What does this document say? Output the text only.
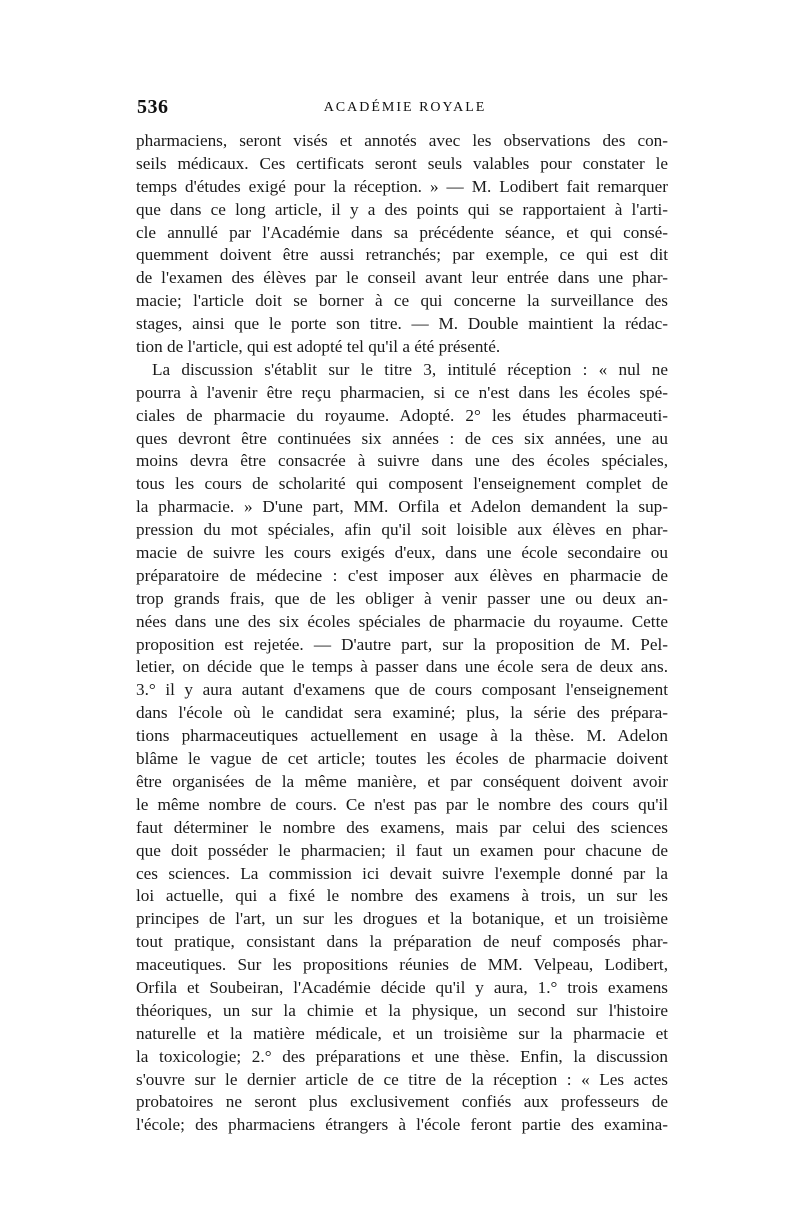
536	ACADÉMIE ROYALE
pharmaciens, seront visés et annotés avec les observations des con-
seils médicaux. Ces certificats seront seuls valables pour constater le
temps d'études exigé pour la réception. » — M. Lodibert fait remarquer
que dans ce long article, il y a des points qui se rapportaient à l'arti-
cle annullé par l'Académie dans sa précédente séance, et qui consé-
quemment doivent être aussi retranchés; par exemple, ce qui est dit
de l'examen des élèves par le conseil avant leur entrée dans une phar-
macie; l'article doit se borner à ce qui concerne la surveillance des
stages, ainsi que le porte son titre. — M. Double maintient la rédac-
tion de l'article, qui est adopté tel qu'il a été présenté.
La discussion s'établit sur le titre 3, intitulé réception : « nul ne
pourra à l'avenir être reçu pharmacien, si ce n'est dans les écoles spé-
ciales de pharmacie du royaume. Adopté. 2° les études pharmaceuti-
ques devront être continuées six années : de ces six années, une au
moins devra être consacrée à suivre dans une des écoles spéciales,
tous les cours de scholarité qui composent l'enseignement complet de
la pharmacie. » D'une part, MM. Orfila et Adelon demandent la sup-
pression du mot spéciales, afin qu'il soit loisible aux élèves en phar-
macie de suivre les cours exigés d'eux, dans une école secondaire ou
préparatoire de médecine : c'est imposer aux élèves en pharmacie de
trop grands frais, que de les obliger à venir passer une ou deux an-
nées dans une des six écoles spéciales de pharmacie du royaume. Cette
proposition est rejetée. — D'autre part, sur la proposition de M. Pel-
letier, on décide que le temps à passer dans une école sera de deux ans.
3.° il y aura autant d'examens que de cours composant l'enseignement
dans l'école où le candidat sera examiné; plus, la série des prépara-
tions pharmaceutiques actuellement en usage à la thèse. M. Adelon
blâme le vague de cet article; toutes les écoles de pharmacie doivent
être organisées de la même manière, et par conséquent doivent avoir
le même nombre de cours. Ce n'est pas par le nombre des cours qu'il
faut déterminer le nombre des examens, mais par celui des sciences
que doit posséder le pharmacien; il faut un examen pour chacune de
ces sciences. La commission ici devait suivre l'exemple donné par la
loi actuelle, qui a fixé le nombre des examens à trois, un sur les
principes de l'art, un sur les drogues et la botanique, et un troisième
tout pratique, consistant dans la préparation de neuf composés phar-
maceutiques. Sur les propositions réunies de MM. Velpeau, Lodibert,
Orfila et Soubeiran, l'Académie décide qu'il y aura, 1.° trois examens
théoriques, un sur la chimie et la physique, un second sur l'histoire
naturelle et la matière médicale, et un troisième sur la pharmacie et
la toxicologie; 2.° des préparations et une thèse. Enfin, la discussion
s'ouvre sur le dernier article de ce titre de la réception : « Les actes
probatoires ne seront plus exclusivement confiés aux professeurs de
l'école; des pharmaciens étrangers à l'école feront partie des examina-
